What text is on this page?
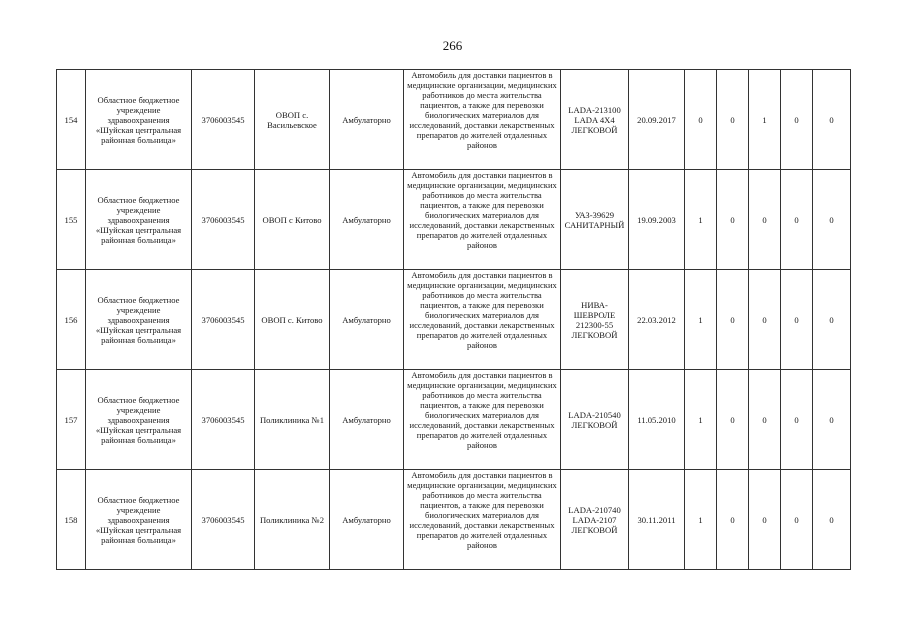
266
154	Областное бюджетное учреждение здравоохранения «Шуйская центральная районная больница»	3706003545	ОВОП с. Васильевское	Амбулаторно	Автомобиль для доставки пациентов в медицинские организации, медицинских работников до места жительства пациентов, а также для перевозки биологических материалов для исследований, доставки лекарственных препаратов до жителей отдаленных районов	LADA-213100 LADA 4X4 ЛЕГКОВОЙ	20.09.2017	0	0	1	0	0
155	Областное бюджетное учреждение здравоохранения «Шуйская центральная районная больница»	3706003545	ОВОП с Китово	Амбулаторно	Автомобиль для доставки пациентов в медицинские организации, медицинских работников до места жительства пациентов, а также для перевозки биологических материалов для исследований, доставки лекарственных препаратов до жителей отдаленных районов	УАЗ-39629 САНИТАРНЫЙ	19.09.2003	1	0	0	0	0
156	Областное бюджетное учреждение здравоохранения «Шуйская центральная районная больница»	3706003545	ОВОП с. Китово	Амбулаторно	Автомобиль для доставки пациентов в медицинские организации, медицинских работников до места жительства пациентов, а также для перевозки биологических материалов для исследований, доставки лекарственных препаратов до жителей отдаленных районов	НИВА-ШЕВРОЛЕ 212300-55 ЛЕГКОВОЙ	22.03.2012	1	0	0	0	0
157	Областное бюджетное учреждение здравоохранения «Шуйская центральная районная больница»	3706003545	Поликлиника №1	Амбулаторно	Автомобиль для доставки пациентов в медицинские организации, медицинских работников до места жительства пациентов, а также для перевозки биологических материалов для исследований, доставки лекарственных препаратов до жителей отдаленных районов	LADA-210540 ЛЕГКОВОЙ	11.05.2010	1	0	0	0	0
158	Областное бюджетное учреждение здравоохранения «Шуйская центральная районная больница»	3706003545	Поликлиника №2	Амбулаторно	Автомобиль для доставки пациентов в медицинские организации, медицинских работников до места жительства пациентов, а также для перевозки биологических материалов для исследований, доставки лекарственных препаратов до жителей отдаленных районов	LADA-210740 LADA-2107 ЛЕГКОВОЙ	30.11.2011	1	0	0	0	0
